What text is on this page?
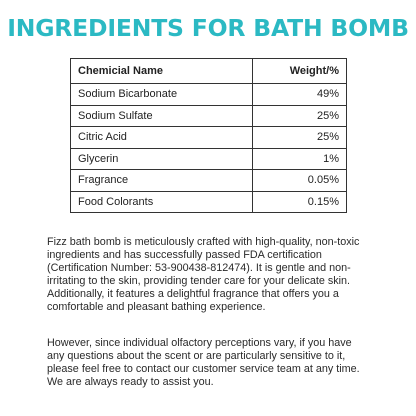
INGREDIENTS FOR BATH BOMB
Chemicial Name	Weight/%
Sodium Bicarbonate	49%
Sodium Sulfate	25%
Citric Acid	25%
Glycerin	1%
Fragrance	0.05%
Food Colorants	0.15%

Fizz bath bomb is meticulously crafted with high-quality, non-toxic ingredients and has successfully passed FDA certification (Certification Number: 53-900438-812474). It is gentle and non-irritating to the skin, providing tender care for your delicate skin. Additionally, it features a delightful fragrance that offers you a comfortable and pleasant bathing experience.

However, since individual olfactory perceptions vary, if you have any questions about the scent or are particularly sensitive to it, please feel free to contact our customer service team at any time. We are always ready to assist you.
